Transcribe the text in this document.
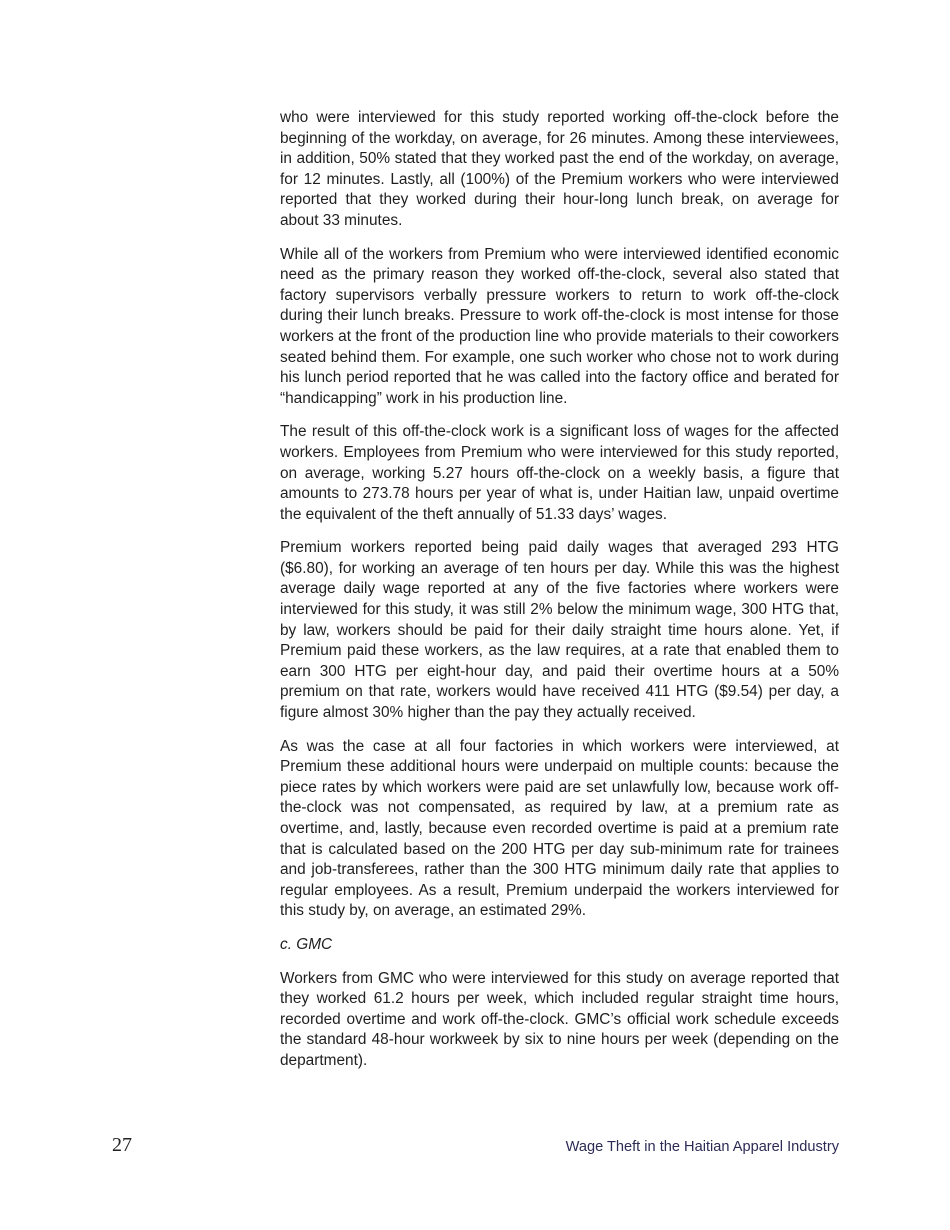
who were interviewed for this study reported working off-the-clock before the beginning of the workday, on average, for 26 minutes. Among these interviewees, in addition, 50% stated that they worked past the end of the workday, on average, for 12 minutes. Lastly, all (100%) of the Premium workers who were interviewed reported that they worked during their hour-long lunch break, on average for about 33 minutes.

While all of the workers from Premium who were interviewed identified economic need as the primary reason they worked off-the-clock, several also stated that factory supervisors verbally pressure workers to return to work off-the-clock during their lunch breaks. Pressure to work off-the-clock is most intense for those workers at the front of the production line who provide materials to their coworkers seated behind them. For example, one such worker who chose not to work during his lunch period reported that he was called into the factory office and berated for “handicapping” work in his production line.

The result of this off-the-clock work is a significant loss of wages for the affected workers. Employees from Premium who were interviewed for this study reported, on average, working 5.27 hours off-the-clock on a weekly basis, a figure that amounts to 273.78 hours per year of what is, under Haitian law, unpaid overtime the equivalent of the theft annually of 51.33 days’ wages.

Premium workers reported being paid daily wages that averaged 293 HTG ($6.80), for working an average of ten hours per day. While this was the highest average daily wage reported at any of the five factories where workers were interviewed for this study, it was still 2% below the minimum wage, 300 HTG that, by law, workers should be paid for their daily straight time hours alone. Yet, if Premium paid these workers, as the law requires, at a rate that enabled them to earn 300 HTG per eight-hour day, and paid their overtime hours at a 50% premium on that rate, workers would have received 411 HTG ($9.54) per day, a figure almost 30% higher than the pay they actually received.

As was the case at all four factories in which workers were interviewed, at Premium these additional hours were underpaid on multiple counts: because the piece rates by which workers were paid are set unlawfully low, because work off-the-clock was not compensated, as required by law, at a premium rate as overtime, and, lastly, because even recorded overtime is paid at a premium rate that is calculated based on the 200 HTG per day sub-minimum rate for trainees and job-transferees, rather than the 300 HTG minimum daily rate that applies to regular employees. As a result, Premium underpaid the workers interviewed for this study by, on average, an estimated 29%.

c. GMC

Workers from GMC who were interviewed for this study on average reported that they worked 61.2 hours per week, which included regular straight time hours, recorded overtime and work off-the-clock. GMC’s official work schedule exceeds the standard 48-hour workweek by six to nine hours per week (depending on the department).

27	Wage Theft in the Haitian Apparel Industry
